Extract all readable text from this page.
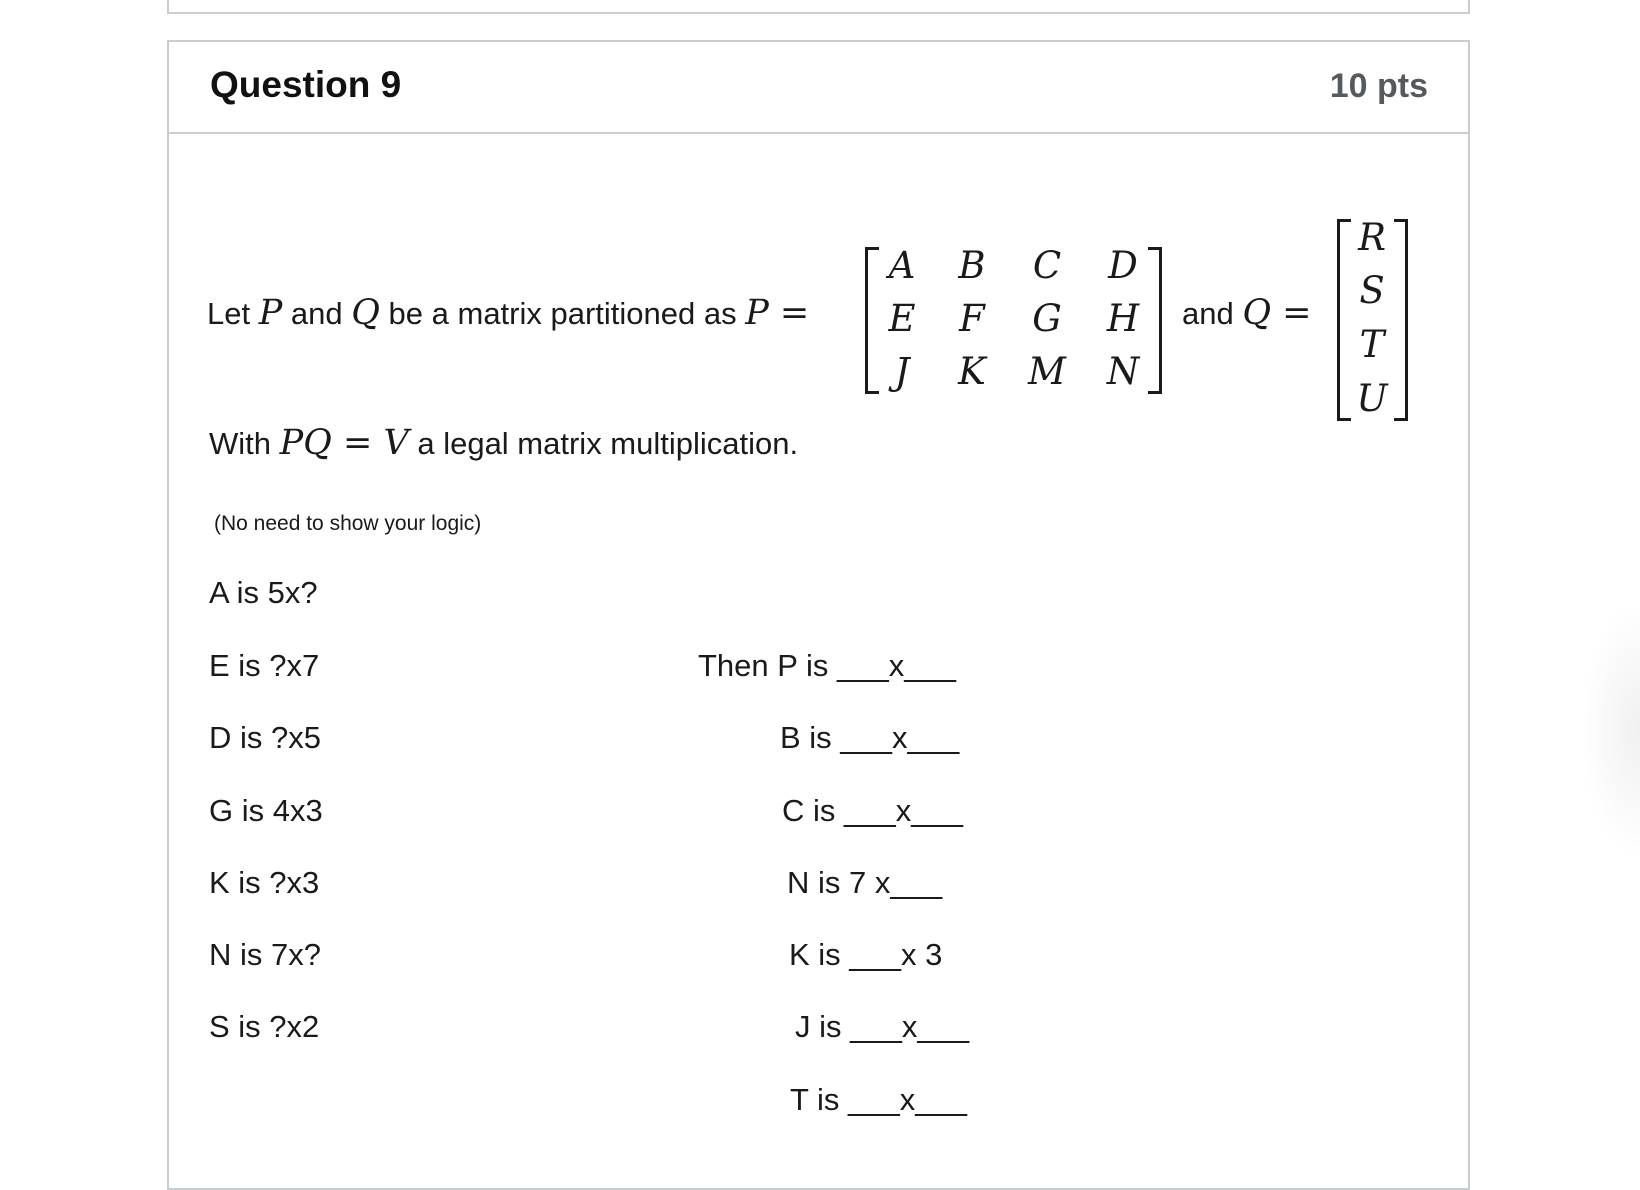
Question 9	10 pts
Let P and Q be a matrix partitioned as P =
A	B	C D
E	F	G H
J	K	M N
and Q =
R
S
T
U
With PQ = V a legal matrix multiplication.
(No need to show your logic)
A is 5x?
E is ?x7
D is ?x5
G is 4x3
K is ?x3
N is 7x?
S is ?x2
Then P is ___x___
B is ___x___
C is ___x___
N is 7 x___
K is ___x 3
J is ___x___
T is ___x___
